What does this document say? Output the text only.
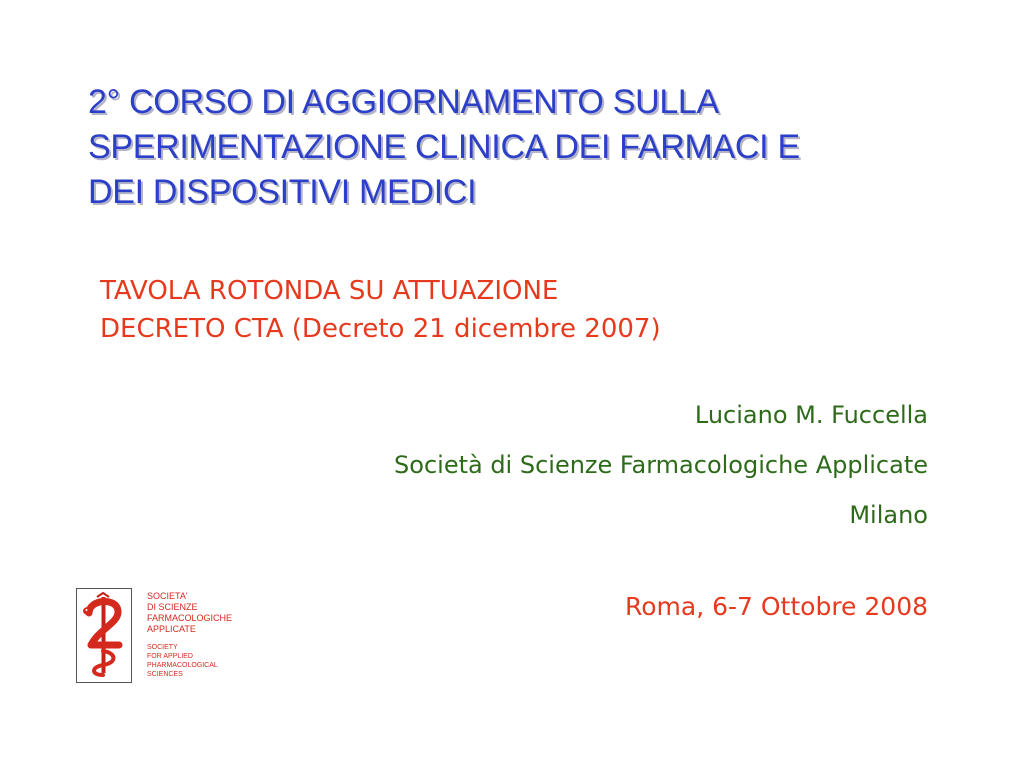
2° CORSO DI AGGIORNAMENTO SULLA
SPERIMENTAZIONE CLINICA DEI FARMACI E
DEI DISPOSITIVI MEDICI
TAVOLA ROTONDA SU ATTUAZIONE
DECRETO CTA (Decreto 21 dicembre 2007)
Luciano M. Fuccella
Società di Scienze Farmacologiche Applicate
Milano
Roma, 6-7 Ottobre 2008
SOCIETA'
DI SCIENZE
FARMACOLOGICHE
APPLICATE
SOCIETY
FOR APPLIED
PHARMACOLOGICAL
SCIENCES
